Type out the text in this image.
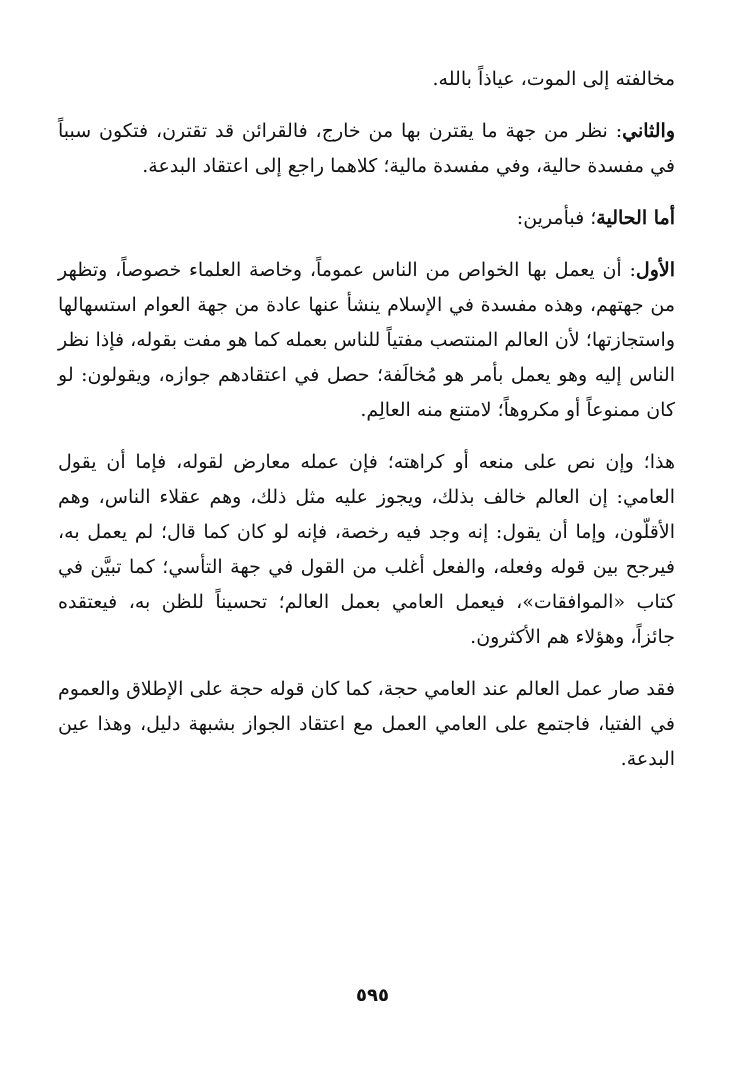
مخالفته إلى الموت، عياذاً بالله.

والثاني: نظر من جهة ما يقترن بها من خارج، فالقرائن قد تقترن، فتكون سبباً في مفسدة حالية، وفي مفسدة مالية؛ كلاهما راجع إلى اعتقاد البدعة.

أما الحالية؛ فبأمرين:

الأول: أن يعمل بها الخواص من الناس عموماً، وخاصة العلماء خصوصاً، وتظهر من جهتهم، وهذه مفسدة في الإسلام ينشأ عنها عادة من جهة العوام استسهالها واستجازتها؛ لأن العالم المنتصب مفتياً للناس بعمله كما هو مفت بقوله، فإذا نظر الناس إليه وهو يعمل بأمر هو مُخالَفة؛ حصل في اعتقادهم جوازه، ويقولون: لو كان ممنوعاً أو مكروهاً؛ لامتنع منه العالِم.

هذا؛ وإن نص على منعه أو كراهته؛ فإن عمله معارض لقوله، فإما أن يقول العامي: إن العالم خالف بذلك، ويجوز عليه مثل ذلك، وهم عقلاء الناس، وهم الأقلّون، وإما أن يقول: إنه وجد فيه رخصة، فإنه لو كان كما قال؛ لم يعمل به، فيرجح بين قوله وفعله، والفعل أغلب من القول في جهة التأسي؛ كما تبيَّن في كتاب «الموافقات»، فيعمل العامي بعمل العالم؛ تحسيناً للظن به، فيعتقده جائزاً، وهؤلاء هم الأكثرون.

فقد صار عمل العالم عند العامي حجة، كما كان قوله حجة على الإطلاق والعموم في الفتيا، فاجتمع على العامي العمل مع اعتقاد الجواز بشبهة دليل، وهذا عين البدعة.

٥٩٥
